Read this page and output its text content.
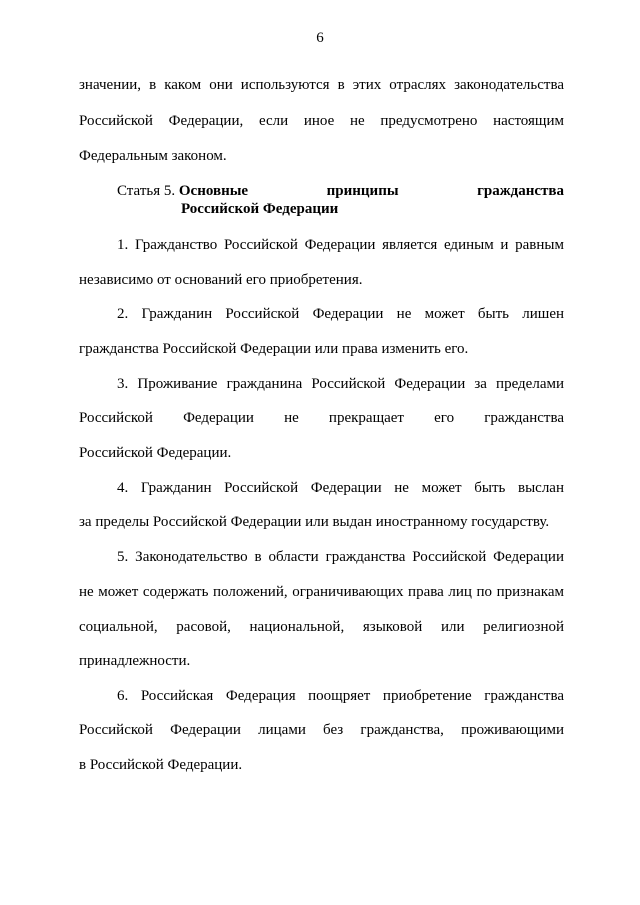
6
значении, в каком они используются в этих отраслях законодательства
Российской Федерации, если иное не предусмотрено настоящим
Федеральным законом.
Статья 5. Основные	принципы	гражданства
Российской Федерации
1. Гражданство Российской Федерации является единым и равным
независимо от оснований его приобретения.
2. Гражданин Российской Федерации не может быть лишен
гражданства Российской Федерации или права изменить его.
3. Проживание гражданина Российской Федерации за пределами
Российской Федерации не прекращает его гражданства
Российской Федерации.
4. Гражданин Российской Федерации не может быть выслан
за пределы Российской Федерации или выдан иностранному государству.
5. Законодательство в области гражданства Российской Федерации
не может содержать положений, ограничивающих права лиц по признакам
социальной, расовой, национальной, языковой или религиозной
принадлежности.
6. Российская Федерация поощряет приобретение гражданства
Российской Федерации лицами без гражданства, проживающими
в Российской Федерации.
